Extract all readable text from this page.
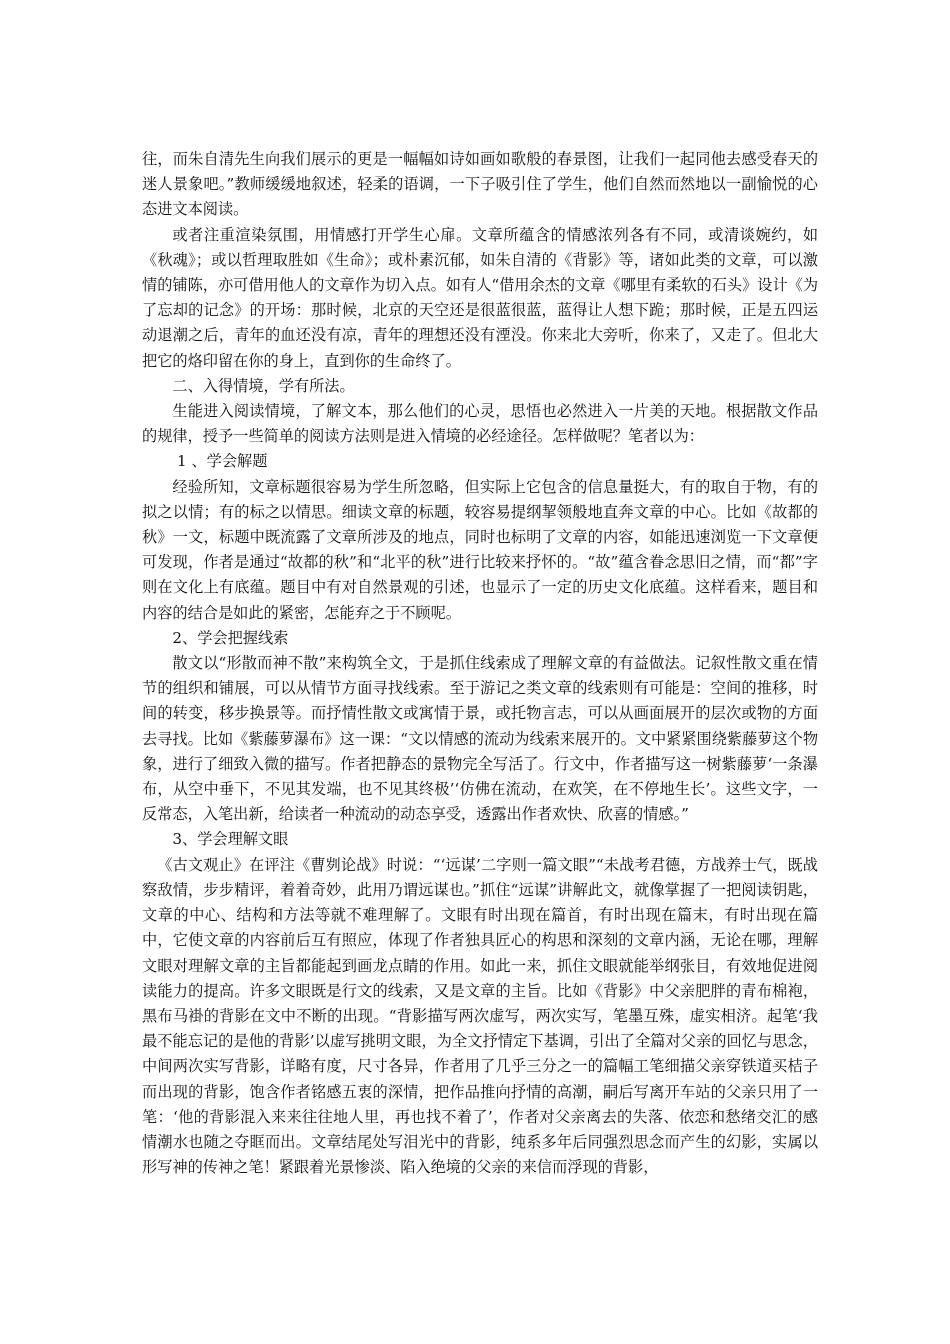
往，而朱自清先生向我们展示的更是一幅幅如诗如画如歌般的春景图，让我们一起同他去感受春天的迷人景象吧。”教师缓缓地叙述，轻柔的语调，一下子吸引住了学生，他们自然而然地以一副愉悦的心态进文本阅读。

或者注重渲染氛围，用情感打开学生心扉。文章所蕴含的情感浓列各有不同，或清谈婉约，如《秋魂》；或以哲理取胜如《生命》；或朴素沉郁，如朱自清的《背影》等，诸如此类的文章，可以激情的铺陈，亦可借用他人的文章作为切入点。如有人“借用余杰的文章《哪里有柔软的石头》设计《为了忘却的记念》的开场：那时候，北京的天空还是很蓝很蓝，蓝得让人想下跪；那时候，正是五四运动退潮之后，青年的血还没有凉，青年的理想还没有湮没。你来北大旁听，你来了，又走了。但北大把它的烙印留在你的身上，直到你的生命终了。

二、入得情境，学有所法。

生能进入阅读情境，了解文本，那么他们的心灵，思悟也必然进入一片美的天地。根据散文作品的规律，授予一些简单的阅读方法则是进入情境的必经途径。怎样做呢？笔者以为：

1 、学会解题

经验所知，文章标题很容易为学生所忽略，但实际上它包含的信息量挺大，有的取自于物，有的拟之以情；有的标之以情思。细读文章的标题，较容易提纲挈领般地直奔文章的中心。比如《故都的秋》一文，标题中既流露了文章所涉及的地点，同时也标明了文章的内容，如能迅速浏览一下文章便可发现，作者是通过“故都的秋”和“北平的秋”进行比较来抒怀的。“故”蕴含眷念思旧之情，而“都”字则在文化上有底蕴。题目中有对自然景观的引述，也显示了一定的历史文化底蕴。这样看来，题目和内容的结合是如此的紧密，怎能弃之于不顾呢。

2、学会把握线索

散文以“形散而神不散”来构筑全文，于是抓住线索成了理解文章的有益做法。记叙性散文重在情节的组织和铺展，可以从情节方面寻找线索。至于游记之类文章的线索则有可能是：空间的推移，时间的转变，移步换景等。而抒情性散文或寓情于景，或托物言志，可以从画面展开的层次或物的方面去寻找。比如《紫藤萝瀑布》这一课：“文以情感的流动为线索来展开的。文中紧紧围绕紫藤萝这个物象，进行了细致入微的描写。作者把静态的景物完全写活了。行文中，作者描写这一树紫藤萝‘一条瀑布，从空中垂下，不见其发端，也不见其终极’‘仿佛在流动，在欢笑，在不停地生长’。这些文字，一反常态，入笔出新，给读者一种流动的动态享受，透露出作者欢快、欣喜的情感。”

3、学会理解文眼

《古文观止》在评注《曹刿论战》时说：“‘远谋’二字则一篇文眼”“未战考君德，方战养士气，既战察敌情，步步精评，着着奇妙，此用乃谓远谋也。”抓住“远谋”讲解此文，就像掌握了一把阅读钥匙，文章的中心、结构和方法等就不难理解了。文眼有时出现在篇首，有时出现在篇末，有时出现在篇中，它使文章的内容前后互有照应，体现了作者独具匠心的构思和深刻的文章内涵，无论在哪，理解文眼对理解文章的主旨都能起到画龙点睛的作用。如此一来，抓住文眼就能举纲张目，有效地促进阅读能力的提高。许多文眼既是行文的线索，又是文章的主旨。比如《背影》中父亲肥胖的青布棉袍，黑布马褂的背影在文中不断的出现。“背影描写两次虚写，两次实写，笔墨互殊，虚实相济。起笔‘我最不能忘记的是他的背影’以虚写挑明文眼，为全文抒情定下基调，引出了全篇对父亲的回忆与思念，中间两次实写背影，详略有度，尺寸各异，作者用了几乎三分之一的篇幅工笔细描父亲穿铁道买桔子而出现的背影，饱含作者铭感五衷的深情，把作品推向抒情的高潮，嗣后写离开车站的父亲只用了一笔：‘他的背影混入来来往往地人里，再也找不着了’，作者对父亲离去的失落、依恋和愁绪交汇的感情潮水也随之夺眶而出。文章结尾处写泪光中的背影，纯系多年后同强烈思念而产生的幻影，实属以形写神的传神之笔！紧跟着光景惨淡、陷入绝境的父亲的来信而浮现的背影，
